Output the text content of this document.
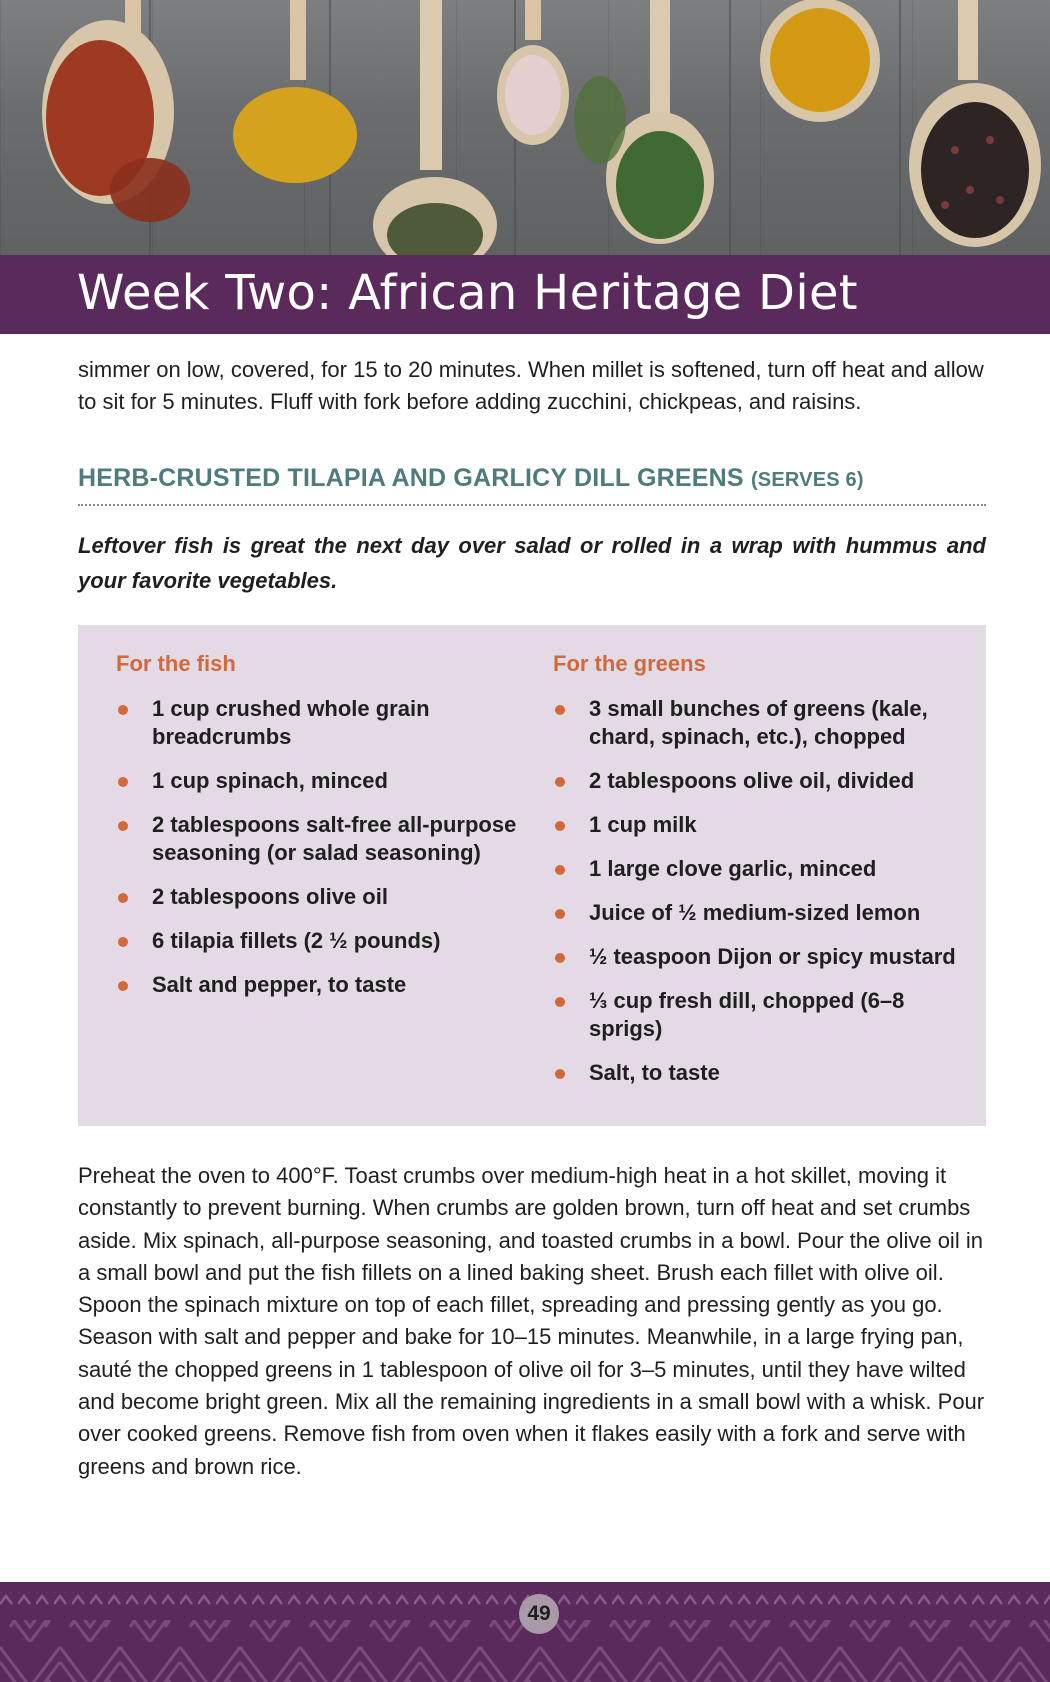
Week Two: African Heritage Diet

simmer on low, covered, for 15 to 20 minutes. When millet is softened, turn off heat and allow to sit for 5 minutes. Fluff with fork before adding zucchini, chickpeas, and raisins.

HERB-CRUSTED TILAPIA AND GARLICY DILL GREENS (SERVES 6)

Leftover fish is great the next day over salad or rolled in a wrap with hummus and your favorite vegetables.

For the fish
1 cup crushed whole grain breadcrumbs
1 cup spinach, minced
2 tablespoons salt-free all-purpose seasoning (or salad seasoning)
2 tablespoons olive oil
6 tilapia fillets (2 ½ pounds)
Salt and pepper, to taste
For the greens
3 small bunches of greens (kale, chard, spinach, etc.), chopped
2 tablespoons olive oil, divided
1 cup milk
1 large clove garlic, minced
Juice of ½ medium-sized lemon
½ teaspoon Dijon or spicy mustard
⅓ cup fresh dill, chopped (6–8 sprigs)
Salt, to taste

Preheat the oven to 400°F. Toast crumbs over medium-high heat in a hot skillet, moving it constantly to prevent burning. When crumbs are golden brown, turn off heat and set crumbs aside. Mix spinach, all-purpose seasoning, and toasted crumbs in a bowl. Pour the olive oil in a small bowl and put the fish fillets on a lined baking sheet. Brush each fillet with olive oil. Spoon the spinach mixture on top of each fillet, spreading and pressing gently as you go. Season with salt and pepper and bake for 10–15 minutes. Meanwhile, in a large frying pan, sauté the chopped greens in 1 tablespoon of olive oil for 3–5 minutes, until they have wilted and become bright green. Mix all the remaining ingredients in a small bowl with a whisk. Pour over cooked greens. Remove fish from oven when it flakes easily with a fork and serve with greens and brown rice.

49
